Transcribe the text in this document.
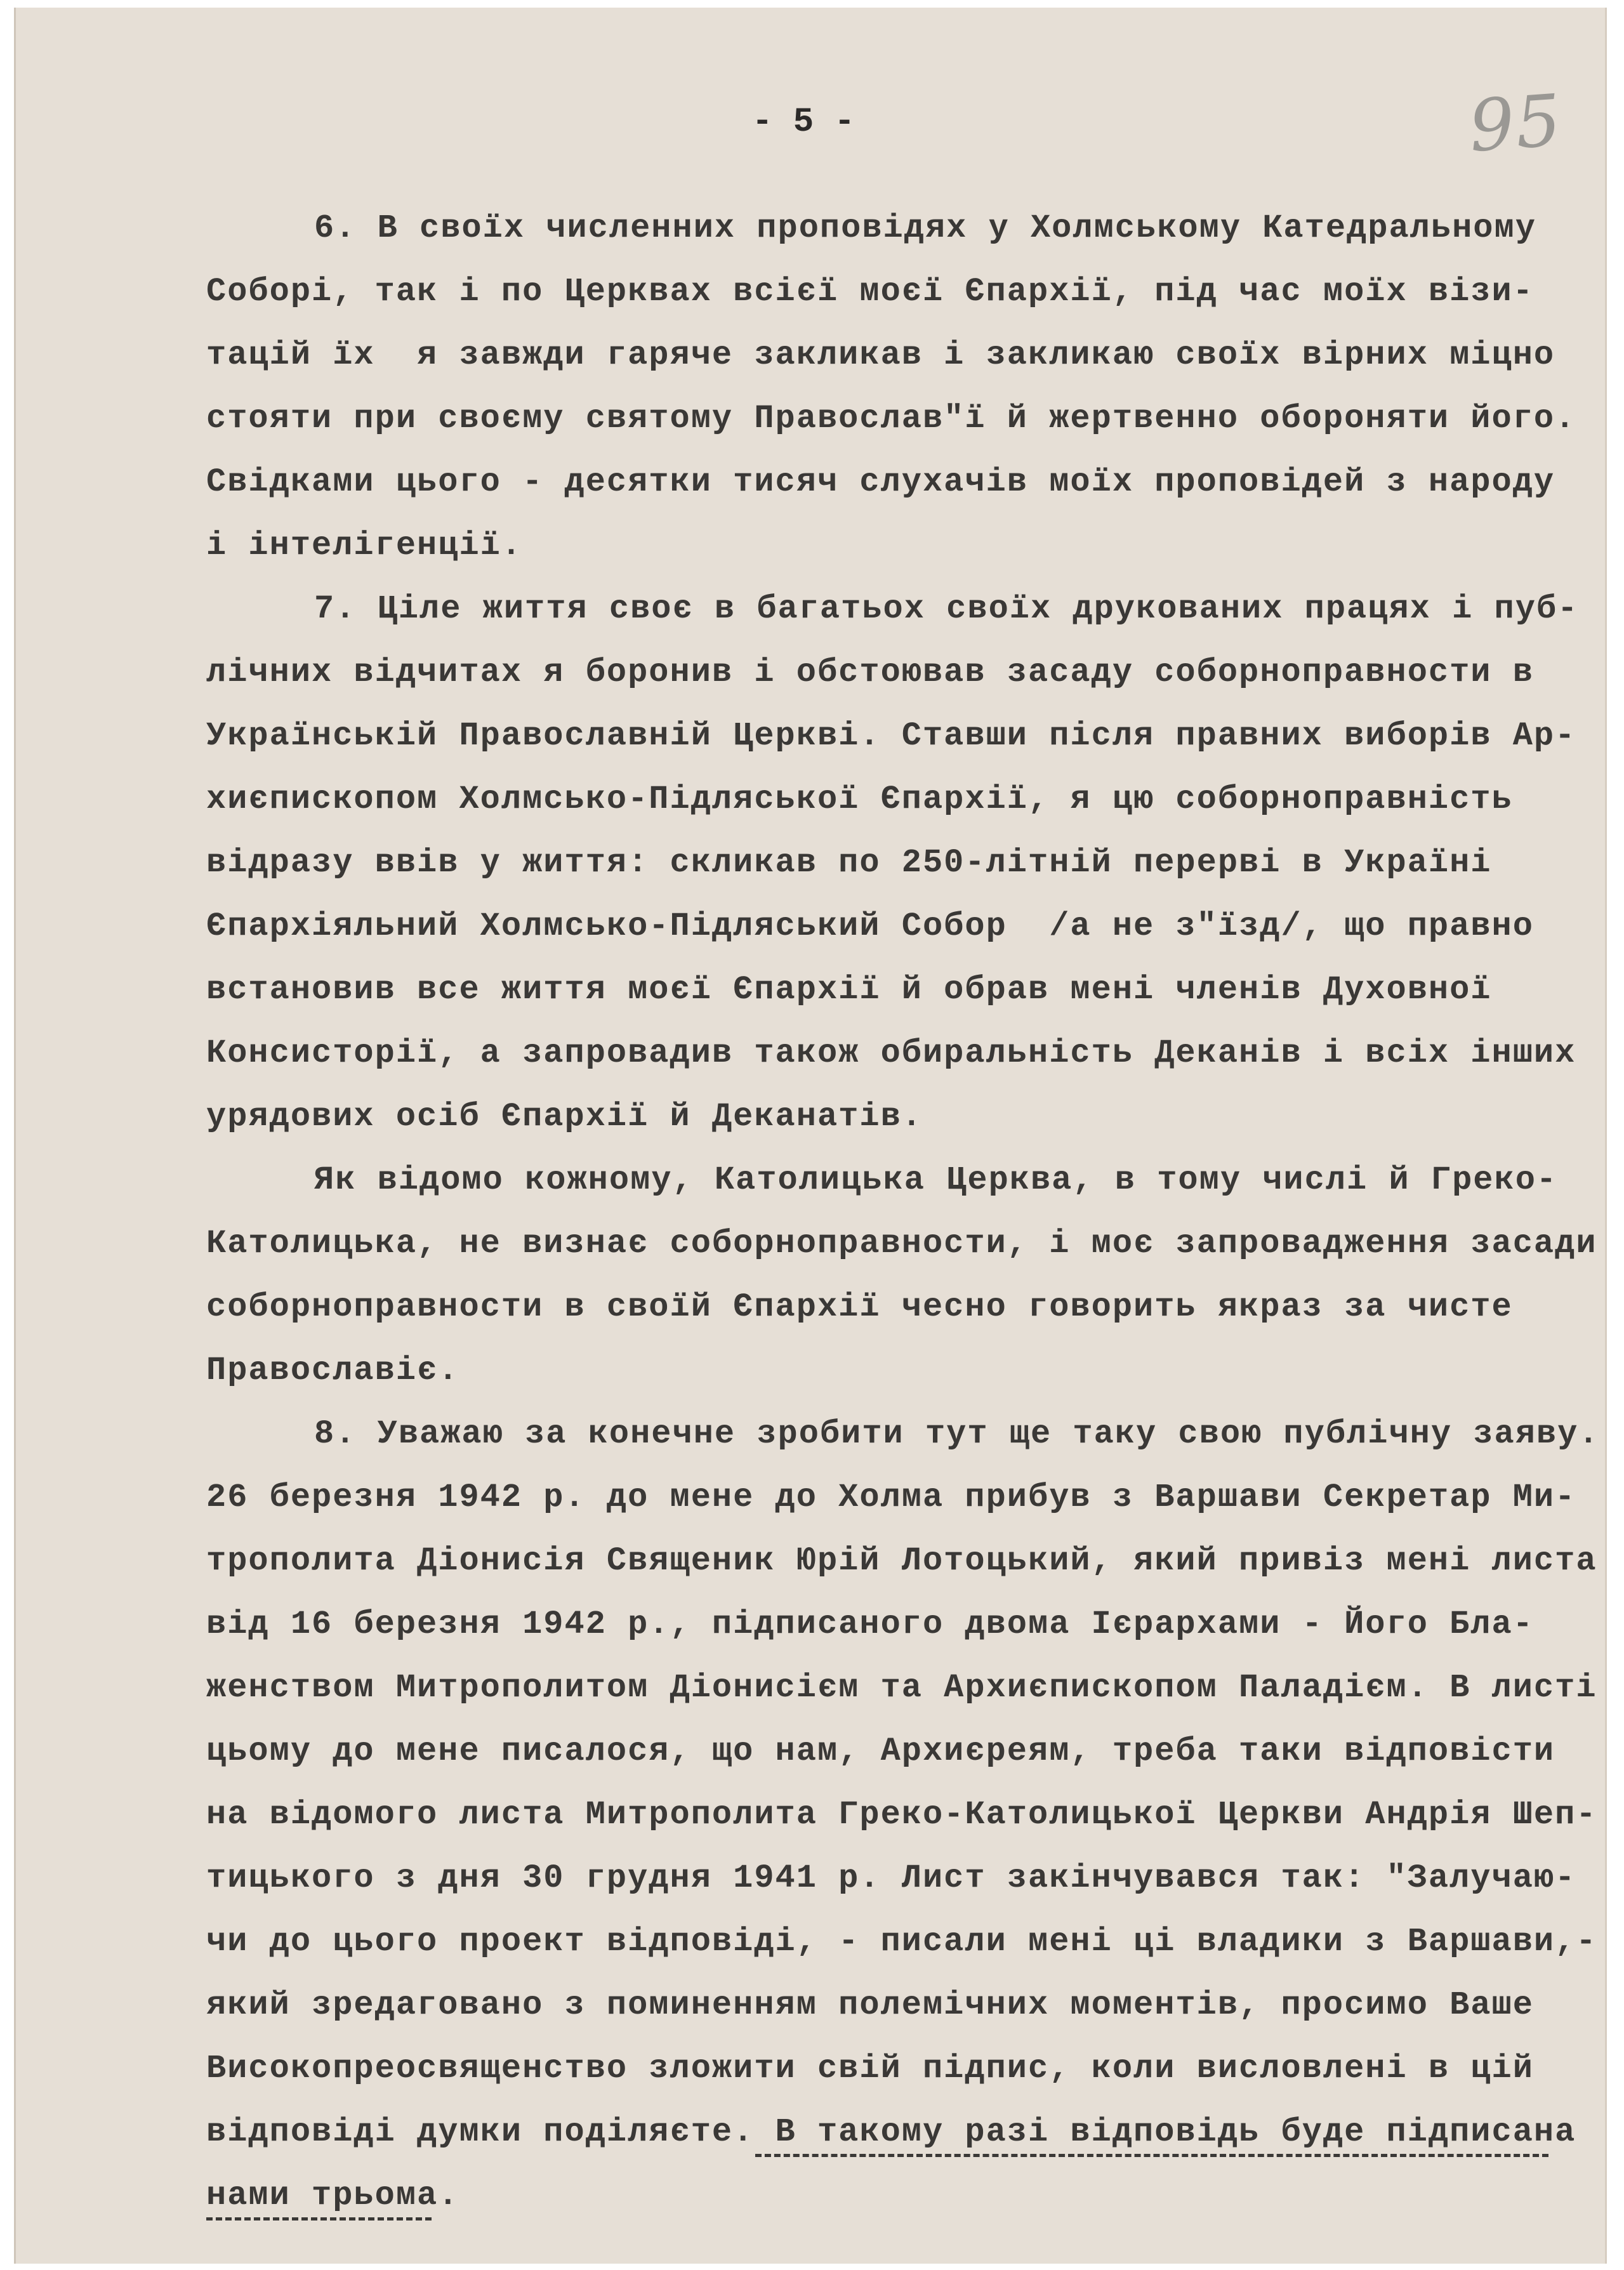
95
- 5 -
6. В своїх численних проповідях у Холмському Катедральному
Соборі, так і по Церквах всієї моєї Єпархії, під час моїх візи-
тацій їх  я завжди гаряче закликав і закликаю своїх вірних міцно
стояти при своєму святому Православ"ї й жертвенно обороняти його.
Свідками цього - десятки тисяч слухачів моїх проповідей з народу
і інтелігенції.
7. Ціле життя своє в багатьох своїх друкованих працях і пуб-
лічних відчитах я боронив і обстоював засаду соборноправности в
Українській Православній Церкві. Ставши після правних виборів Ар-
хиєпископом Холмсько-Підляської Єпархії, я цю соборноправність
відразу ввів у життя: скликав по 250-літній перерві в Україні
Єпархіяльний Холмсько-Підляський Собор  /а не з"їзд/, що правно
встановив все життя моєї Єпархії й обрав мені членів Духовної
Консисторії, а запровадив також обиральність Деканів і всіх інших
урядових осіб Єпархії й Деканатів.
Як відомо кожному, Католицька Церква, в тому числі й Греко-
Католицька, не визнає соборноправности, і моє запровадження засади
соборноправности в своїй Єпархії чесно говорить якраз за чисте
Православіє.
8. Уважаю за конечне зробити тут ще таку свою публічну заяву.
26 березня 1942 р. до мене до Холма прибув з Варшави Секретар Ми-
трополита Діонисія Священик Юрій Лотоцький, який привіз мені листа
від 16 березня 1942 р., підписаного двома Ієрархами - Його Бла-
женством Митрополитом Діонисієм та Архиєпископом Паладієм. В листі
цьому до мене писалося, що нам, Архиєреям, треба таки відповісти
на відомого листа Митрополита Греко-Католицької Церкви Андрія Шеп-
тицького з дня 30 грудня 1941 р. Лист закінчувався так: "Залучаю-
чи до цього проект відповіді, - писали мені ці владики з Варшави,-
який зредаговано з поминенням полемічних моментів, просимо Ваше
Високопреосвященство зложити свій підпис, коли висловлені в цій
відповіді думки поділяєте. В такому разі відповідь буде підписана
нами трьома.
